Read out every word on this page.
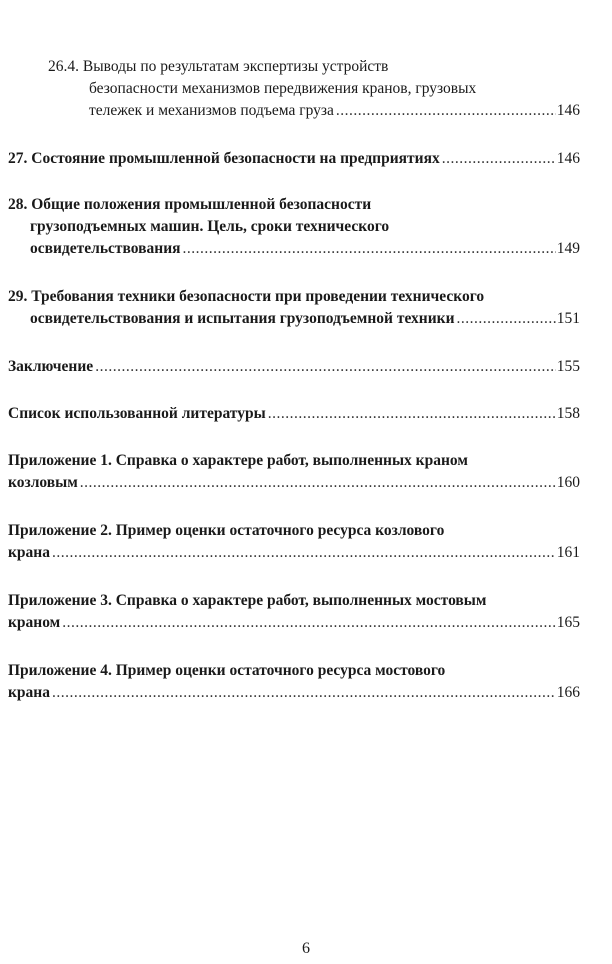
26.4. Выводы по результатам экспертизы устройств
безопасности механизмов передвижения кранов, грузовых
тележек и механизмов подъема груза .....	146
27. Состояние промышленной безопасности на предприятиях .....	146
28. Общие положения промышленной безопасности
грузоподъемных машин. Цель, сроки технического
освидетельствования .....	149
29. Требования техники безопасности при проведении технического
освидетельствования и испытания грузоподъемной техники .....	151
Заключение .....	155
Список использованной литературы .....	158
Приложение 1. Справка о характере работ, выполненных краном
козловым .....	160
Приложение 2. Пример оценки остаточного ресурса козлового
крана .....	161
Приложение 3. Справка о характере работ, выполненных мостовым
краном .....	165
Приложение 4. Пример оценки остаточного ресурса мостового
крана .....	166
6
